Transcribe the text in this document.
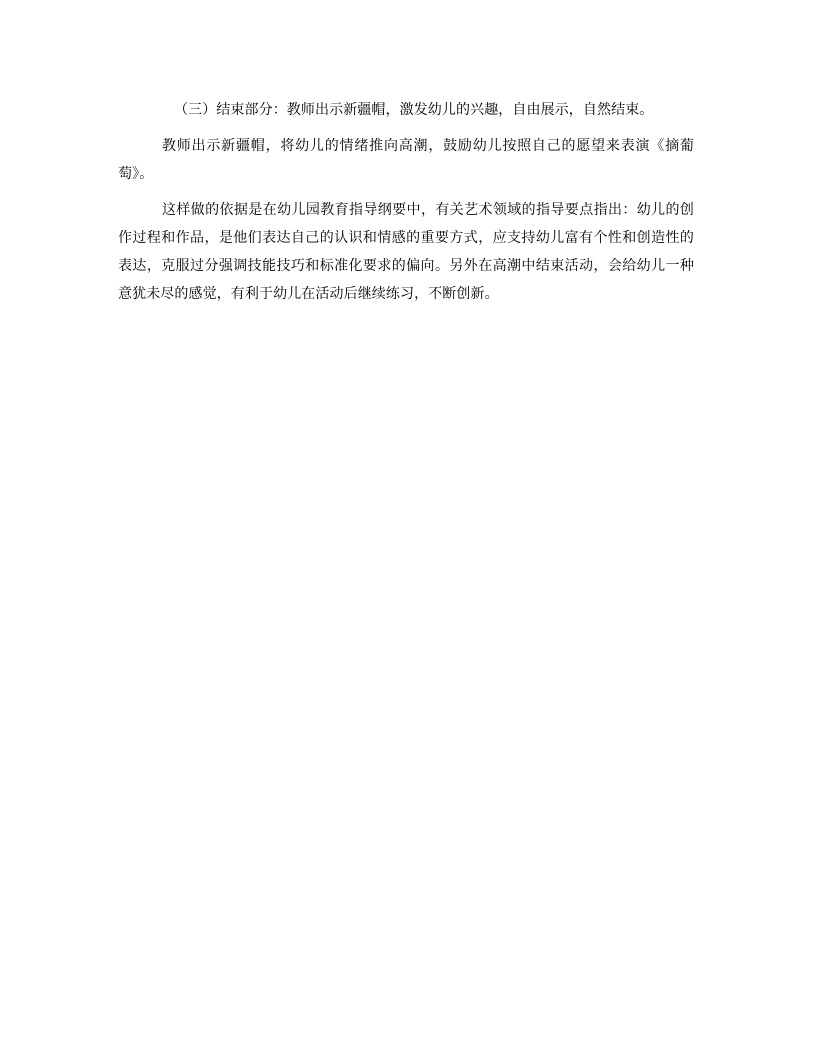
（三）结束部分：教师出示新疆帽，激发幼儿的兴趣，自由展示，自然结束。

教师出示新疆帽，将幼儿的情绪推向高潮，鼓励幼儿按照自己的愿望来表演《摘葡萄》。

这样做的依据是在幼儿园教育指导纲要中，有关艺术领域的指导要点指出：幼儿的创作过程和作品，是他们表达自己的认识和情感的重要方式，应支持幼儿富有个性和创造性的表达，克服过分强调技能技巧和标准化要求的偏向。另外在高潮中结束活动，会给幼儿一种意犹未尽的感觉，有利于幼儿在活动后继续练习，不断创新。
